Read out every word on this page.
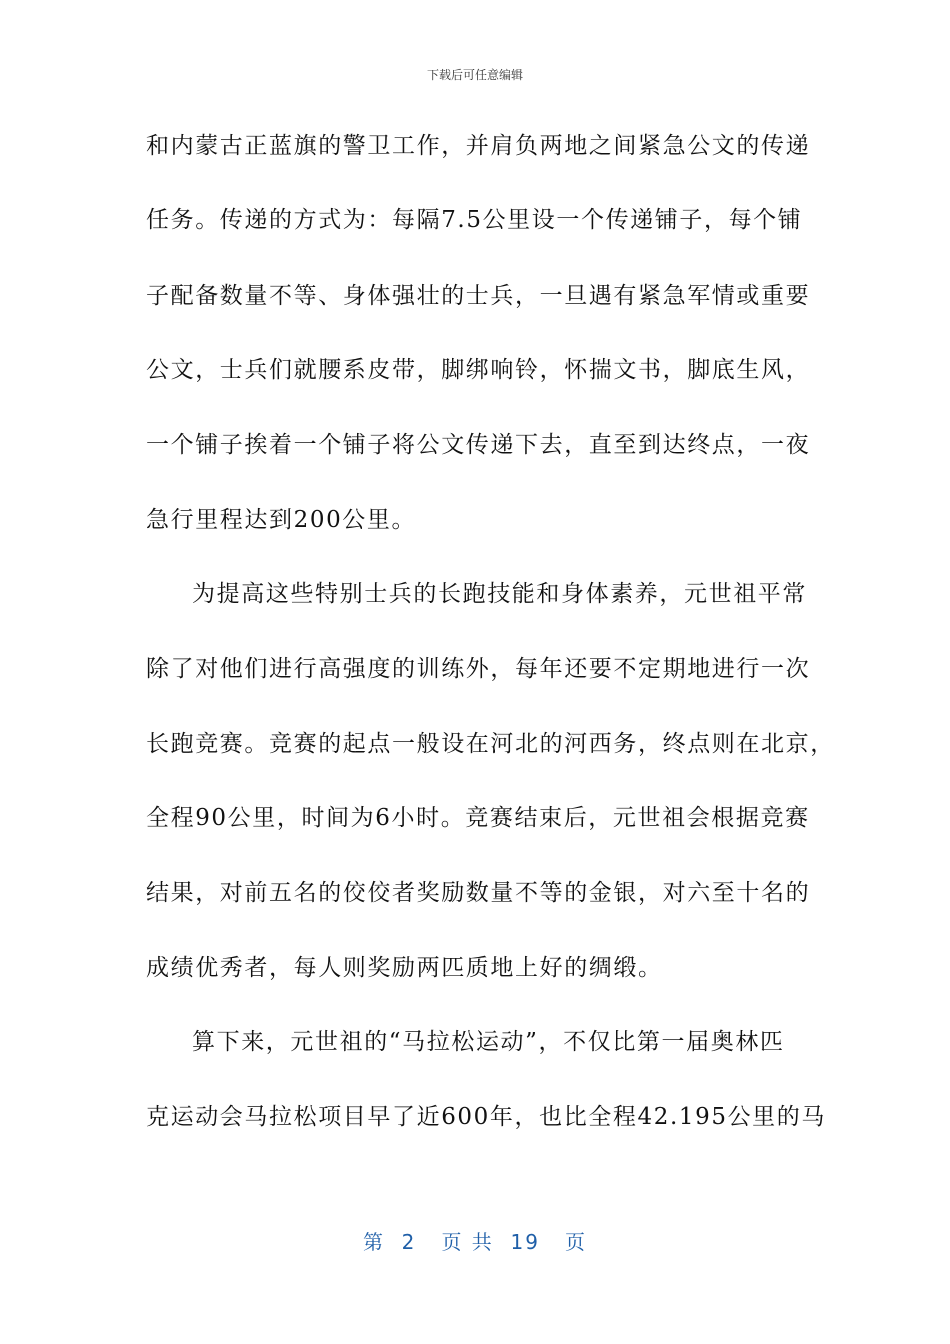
下载后可任意编辑
和内蒙古正蓝旗的警卫工作，并肩负两地之间紧急公文的传递
任务。传递的方式为：每隔7.5公里设一个传递铺子，每个铺
子配备数量不等、身体强壮的士兵，一旦遇有紧急军情或重要
公文，士兵们就腰系皮带，脚绑响铃，怀揣文书，脚底生风，
一个铺子挨着一个铺子将公文传递下去，直至到达终点，一夜
急行里程达到200公里。
为提高这些特别士兵的长跑技能和身体素养，元世祖平常
除了对他们进行高强度的训练外，每年还要不定期地进行一次
长跑竞赛。竞赛的起点一般设在河北的河西务，终点则在北京，
全程90公里，时间为6小时。竞赛结束后，元世祖会根据竞赛
结果，对前五名的佼佼者奖励数量不等的金银，对六至十名的
成绩优秀者，每人则奖励两匹质地上好的绸缎。
算下来，元世祖的“马拉松运动”，不仅比第一届奥林匹
克运动会马拉松项目早了近600年，也比全程42.195公里的马
第  2   页 共  19   页
